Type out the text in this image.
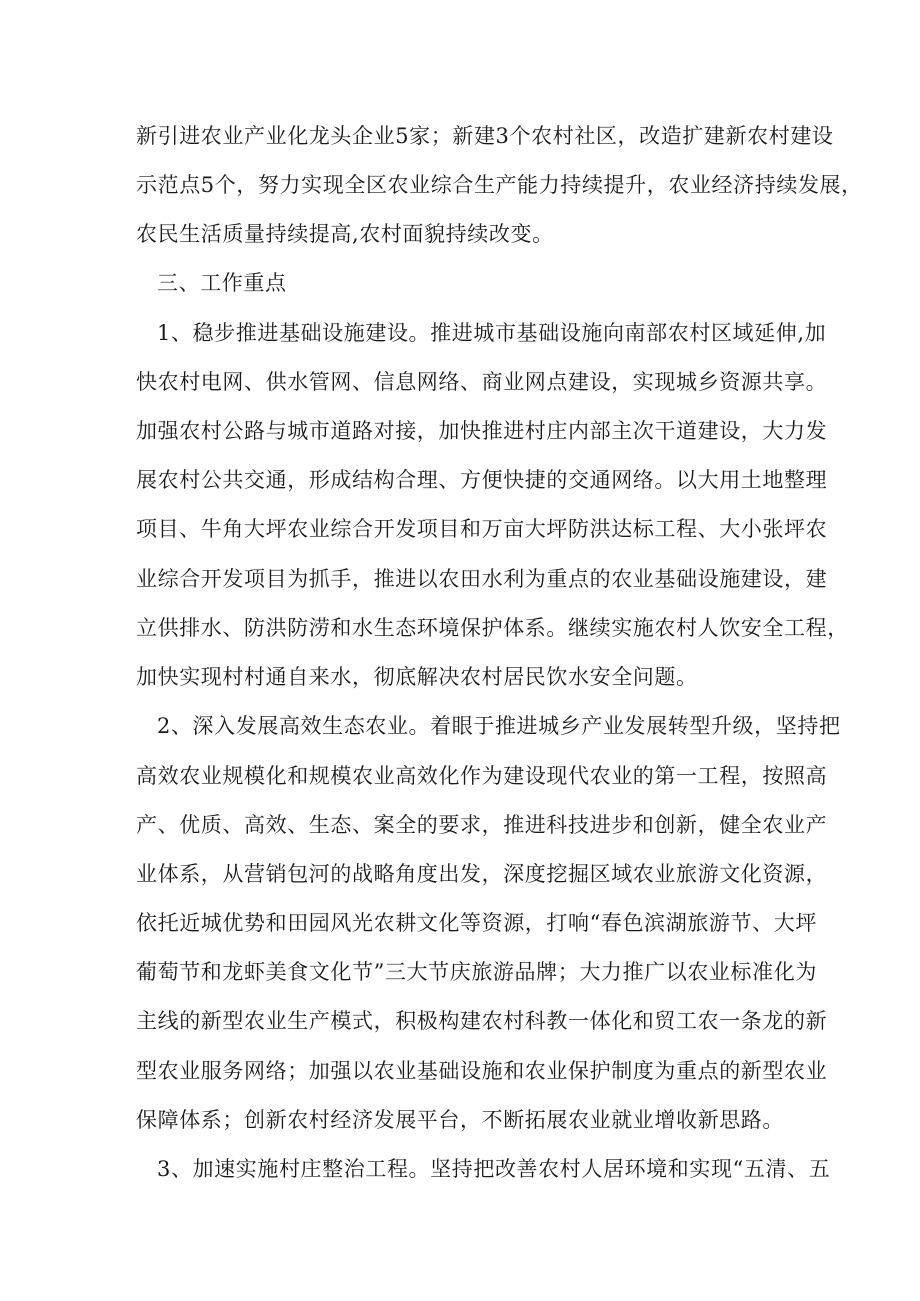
新引进农业产业化龙头企业5家；新建3个农村社区，改造扩建新农村建设
示范点5个，努力实现全区农业综合生产能力持续提升，农业经济持续发展，
农民生活质量持续提高,农村面貌持续改变。
三、工作重点
1、稳步推进基础设施建设。推进城市基础设施向南部农村区域延伸,加
快农村电网、供水管网、信息网络、商业网点建设，实现城乡资源共享。
加强农村公路与城市道路对接，加快推进村庄内部主次干道建设，大力发
展农村公共交通，形成结构合理、方便快捷的交通网络。以大用土地整理
项目、牛角大坪农业综合开发项目和万亩大坪防洪达标工程、大小张坪农
业综合开发项目为抓手，推进以农田水利为重点的农业基础设施建设，建
立供排水、防洪防涝和水生态环境保护体系。继续实施农村人饮安全工程，
加快实现村村通自来水，彻底解决农村居民饮水安全问题。
2、深入发展高效生态农业。着眼于推进城乡产业发展转型升级，坚持把
高效农业规模化和规模农业高效化作为建设现代农业的第一工程，按照高
产、优质、高效、生态、案全的要求，推进科技进步和创新，健全农业产
业体系，从营销包河的战略角度出发，深度挖掘区域农业旅游文化资源，
依托近城优势和田园风光农耕文化等资源，打响“春色滨湖旅游节、大坪
葡萄节和龙虾美食文化节”三大节庆旅游品牌；大力推广以农业标准化为
主线的新型农业生产模式，积极构建农村科教一体化和贸工农一条龙的新
型农业服务网络；加强以农业基础设施和农业保护制度为重点的新型农业
保障体系；创新农村经济发展平台，不断拓展农业就业增收新思路。
3、加速实施村庄整治工程。坚持把改善农村人居环境和实现“五清、五
